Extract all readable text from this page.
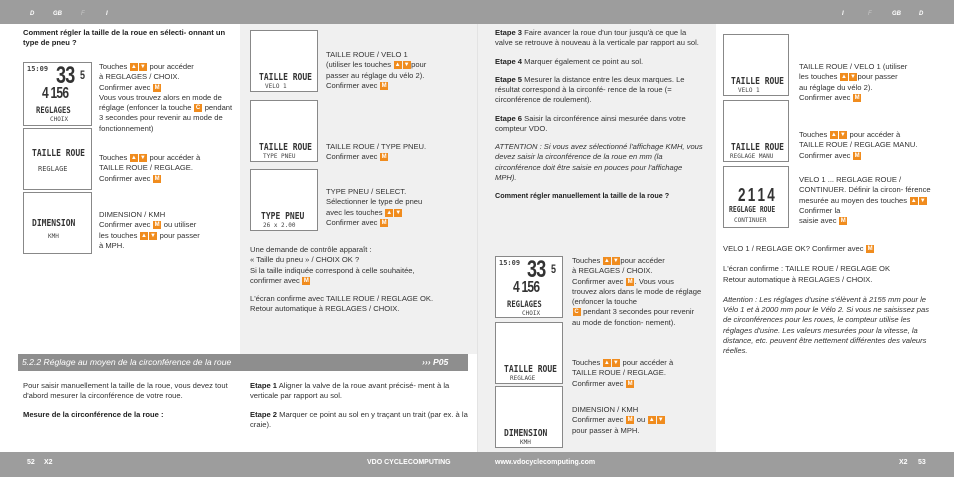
D	GB	F	I	I	F	GB	D
Comment régler la taille de la roue en sélecti- onnant un type de pneu ?
15:09 33 5
4 156
REGLAGES
CHOIX
Touches ▲ ▼ pour accéder
à REGLAGES / CHOIX.
Confirmer avec M
Vous vous trouvez alors en mode de réglage (enfoncer la touche C pendant 3 secondes pour revenir au mode de fonctionnement)
TAILLE ROUE
REGLAGE
Touches ▲ ▼ pour accéder à
TAILLE ROUE / REGLAGE.
Confirmer avec M
DIMENSION
KMH
DIMENSION / KMH
Confirmer avec M ou utiliser
les touches ▲ ▼ pour passer
à MPH.
TAILLE ROUE
VELO 1
TAILLE ROUE / VELO 1
(utiliser les touches ▲ ▼ pour
passer au réglage du vélo 2).
Confirmer avec M
TAILLE ROUE
TYPE PNEU
TAILLE ROUE / TYPE PNEU.
Confirmer avec M
TYPE PNEU
26 x 2.00
TYPE PNEU / SELECT.
Sélectionner le type de pneu
avec les touches ▲ ▼
Confirmer avec M

Une demande de contrôle apparaît :
« Taille du pneu » / CHOIX OK ?
Si la taille indiquée correspond à celle souhaitée,
confirmer avec M

L'écran confirme avec TAILLE ROUE / REGLAGE OK.
Retour automatique à REGLAGES / CHOIX.

5.2.2 Réglage au moyen de la circonférence de la roue	››› P05

Pour saisir manuellement la taille de la roue, vous devez tout d'abord mesurer la circonférence de votre roue.

Mesure de la circonférence de la roue :

Etape 1 Aligner la valve de la roue avant précisé- ment à la verticale par rapport au sol.

Etape 2 Marquer ce point au sol en y traçant un trait (par ex. à la craie).

Etape 3 Faire avancer la roue d'un tour jusqu'à ce que la valve se retrouve à nouveau à la verticale par rapport au sol.

Etape 4 Marquer également ce point au sol.

Etape 5 Mesurer la distance entre les deux marques. Le résultat correspond à la circonfé- rence de la roue (= circonférence de roulement).

Etape 6 Saisir la circonférence ainsi mesurée dans votre compteur VDO.

ATTENTION : Si vous avez sélectionné l'affichage KMH, vous devez saisir la circonférence de la roue en mm (la circonférence doit être saisie en pouces pour l'affichage MPH).

Comment régler manuellement la taille de la roue ?

15:09 33 5
4 156
REGLAGES
CHOIX
Touches ▲ ▼ pour accéder
à REGLAGES / CHOIX.
Confirmer avec M . Vous vous
trouvez alors dans le mode de réglage (enfoncer la touche
C pendant 3 secondes pour revenir au mode de fonction- nement).
TAILLE ROUE
REGLAGE
Touches ▲ ▼ pour accéder à
TAILLE ROUE / REGLAGE.
Confirmer avec M
DIMENSION
KMH
DIMENSION / KMH
Confirmer avec M ou ▲ ▼
pour passer à MPH.
TAILLE ROUE
VELO 1
TAILLE ROUE / VELO 1 (utiliser
les touches ▲ ▼ pour passer
au réglage du vélo 2).
Confirmer avec M
TAILLE ROUE
REGLAGE MANU
Touches ▲ ▼ pour accéder à
TAILLE ROUE / REGLAGE MANU.
Confirmer avec M
2 1 1 4
REGLAGE ROUE
CONTINUER
VELO 1 ... REGLAGE ROUE /
CONTINUER. Définir la circon- férence mesurée au moyen des touches ▲ ▼ Confirmer la
saisie avec M

VELO 1 / REGLAGE OK? Confirmer avec M

L'écran confirme : TAILLE ROUE / REGLAGE OK
Retour automatique à REGLAGES / CHOIX.

Attention : Les réglages d'usine s'élèvent à 2155 mm pour le Vélo 1 et à 2000 mm pour le Vélo 2. Si vous ne saisissez pas de circonférences pour les roues, le compteur utilise les réglages d'usine. Les valeurs mesurées pour la vitesse, la distance, etc. peuvent être nettement différentes des valeurs réelles.

52 X2	VDO CYCLECOMPUTING	www.vdocyclecomputing.com	X2 53
